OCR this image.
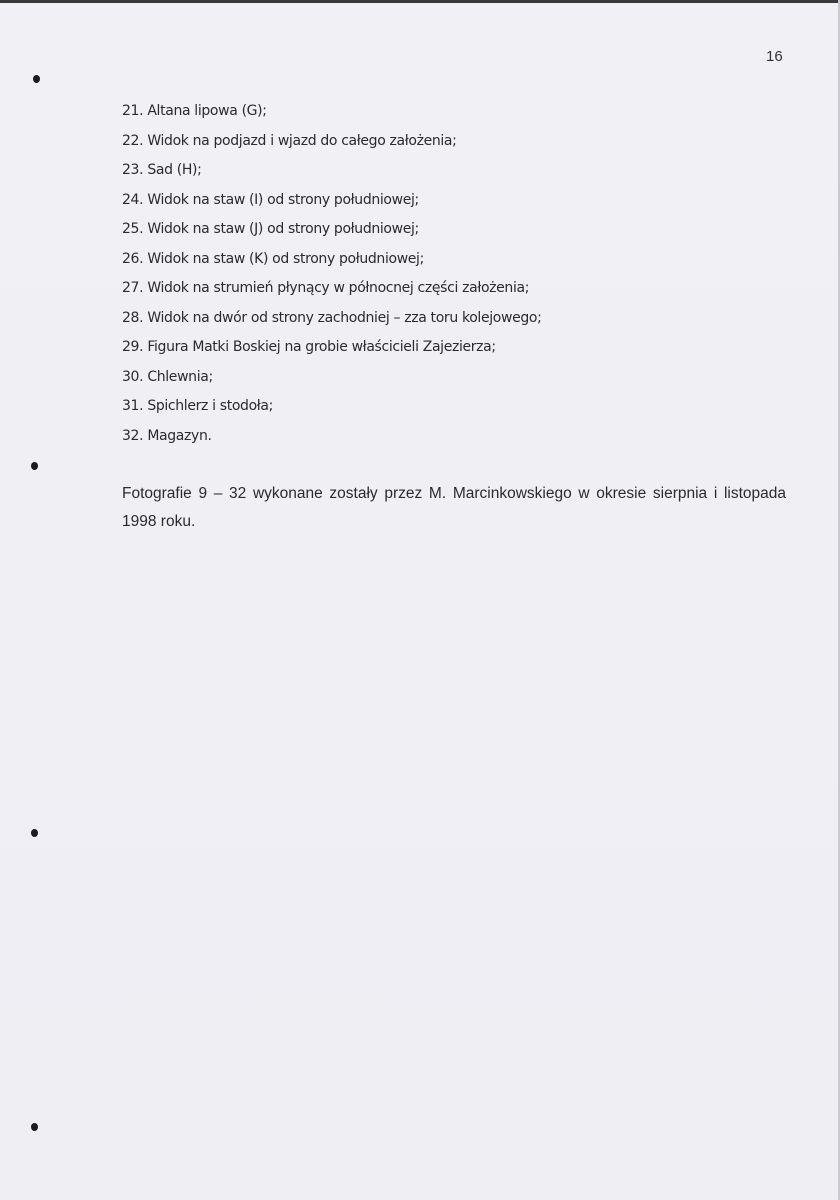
16
21. Altana lipowa (G);
22. Widok na podjazd i wjazd do całego założenia;
23. Sad (H);
24. Widok na staw (I) od strony południowej;
25. Widok na staw (J) od strony południowej;
26. Widok na staw (K) od strony południowej;
27. Widok na strumień płynący w północnej części założenia;
28. Widok na dwór od strony zachodniej – zza toru kolejowego;
29. Figura Matki Boskiej na grobie właścicieli Zajezierza;
30. Chlewnia;
31. Spichlerz i stodoła;
32. Magazyn.

Fotografie 9 – 32 wykonane zostały przez M. Marcinkowskiego w okresie sierpnia i listopada 1998 roku.
